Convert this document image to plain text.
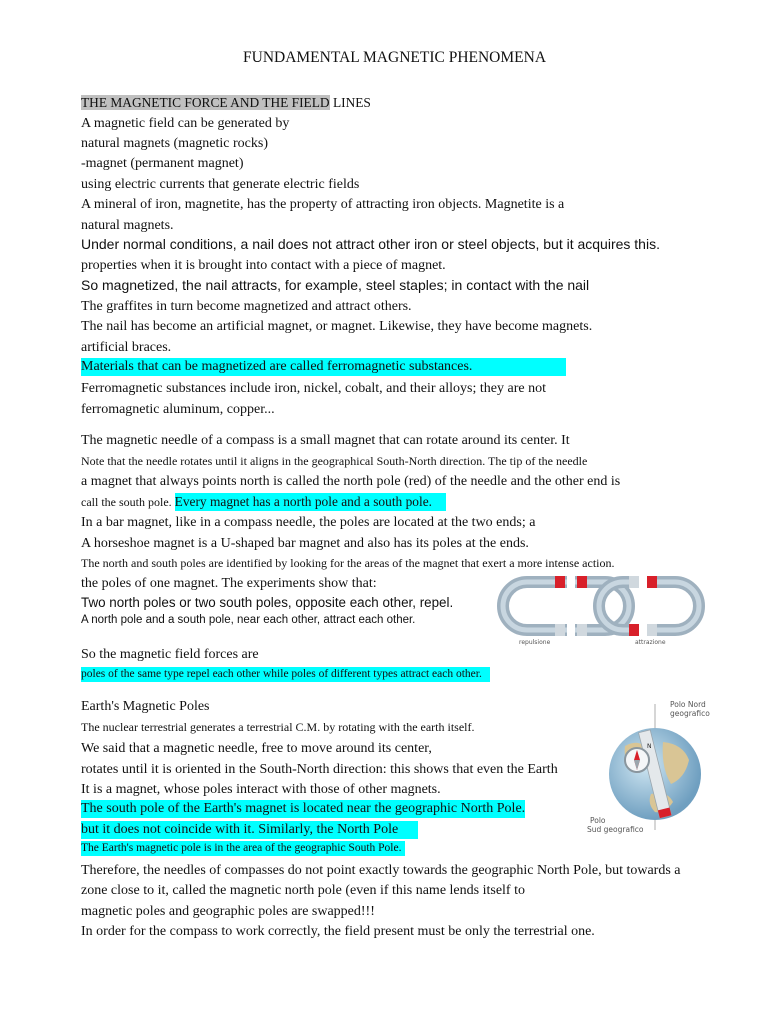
FUNDAMENTAL MAGNETIC PHENOMENA
THE MAGNETIC FORCE AND THE FIELD LINES
A magnetic field can be generated by
natural magnets (magnetic rocks)
-magnet (permanent magnet)
using electric currents that generate electric fields
A mineral of iron, magnetite, has the property of attracting iron objects. Magnetite is a
natural magnets.
Under normal conditions, a nail does not attract other iron or steel objects, but it acquires this.
properties when it is brought into contact with a piece of magnet.
So magnetized, the nail attracts, for example, steel staples; in contact with the nail
The graffites in turn become magnetized and attract others.
The nail has become an artificial magnet, or magnet. Likewise, they have become magnets.
artificial braces.
Materials that can be magnetized are called ferromagnetic substances.
Ferromagnetic substances include iron, nickel, cobalt, and their alloys; they are not
ferromagnetic aluminum, copper...
The magnetic needle of a compass is a small magnet that can rotate around its center. It
Note that the needle rotates until it aligns in the geographical South-North direction. The tip of the needle
a magnet that always points north is called the north pole (red) of the needle and the other end is
call the south pole. Every magnet has a north pole and a south pole.
In a bar magnet, like in a compass needle, the poles are located at the two ends; a
A horseshoe magnet is a U-shaped bar magnet and also has its poles at the ends.
The north and south poles are identified by looking for the areas of the magnet that exert a more intense action.
the poles of one magnet. The experiments show that:
Two north poles or two south poles, opposite each other, repel.
A north pole and a south pole, near each other, attract each other.
repulsione	attrazione
So the magnetic field forces are
poles of the same type repel each other while poles of different types attract each other.
Earth's Magnetic Poles
The nuclear terrestrial generates a terrestrial C.M. by rotating with the earth itself.
We said that a magnetic needle, free to move around its center,
rotates until it is oriented in the South-North direction: this shows that even the Earth
It is a magnet, whose poles interact with those of other magnets.
The south pole of the Earth's magnet is located near the geographic North Pole.
but it does not coincide with it. Similarly, the North Pole
The Earth's magnetic pole is in the area of the geographic South Pole.
Therefore, the needles of compasses do not point exactly towards the geographic North Pole, but towards a
zone close to it, called the magnetic north pole (even if this name lends itself to
magnetic poles and geographic poles are swapped!!!
In order for the compass to work correctly, the field present must be only the terrestrial one.
Polo Nord
geografico
N
Polo
Sud geografico
